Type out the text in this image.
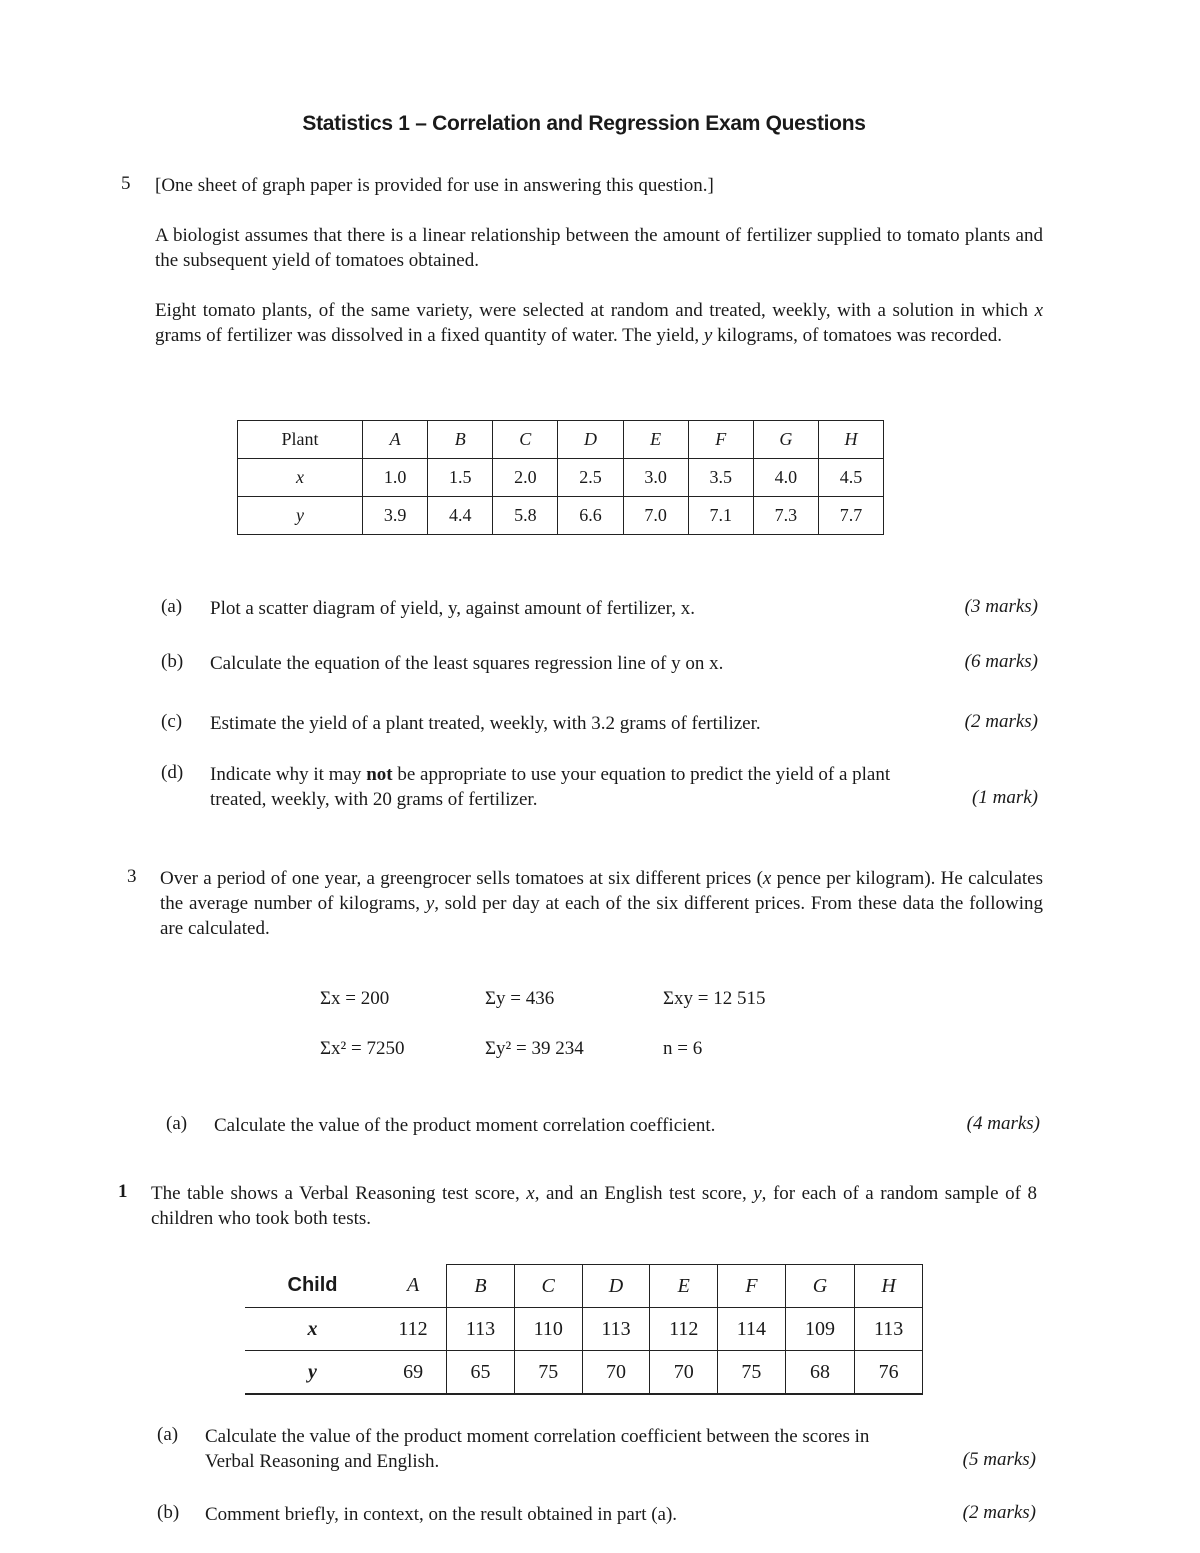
Statistics 1 – Correlation and Regression Exam Questions
5 [One sheet of graph paper is provided for use in answering this question.]
A biologist assumes that there is a linear relationship between the amount of fertilizer supplied to tomato plants and the subsequent yield of tomatoes obtained.
Eight tomato plants, of the same variety, were selected at random and treated, weekly, with a solution in which x grams of fertilizer was dissolved in a fixed quantity of water. The yield, y kilograms, of tomatoes was recorded.
Plant	A	B	C	D	E	F	G	H
x	1.0	1.5	2.0	2.5	3.0	3.5	4.0	4.5
y	3.9	4.4	5.8	6.6	7.0	7.1	7.3	7.7
(a) Plot a scatter diagram of yield, y, against amount of fertilizer, x.	(3 marks)
(b) Calculate the equation of the least squares regression line of y on x.	(6 marks)
(c) Estimate the yield of a plant treated, weekly, with 3.2 grams of fertilizer.	(2 marks)
(d) Indicate why it may not be appropriate to use your equation to predict the yield of a plant
treated, weekly, with 20 grams of fertilizer.	(1 mark)
3 Over a period of one year, a greengrocer sells tomatoes at six different prices (x pence per kilogram). He calculates the average number of kilograms, y, sold per day at each of the six different prices. From these data the following are calculated.
Σx = 200	Σy = 436	Σxy = 12 515
Σx² = 7250	Σy² = 39 234	n = 6
(a) Calculate the value of the product moment correlation coefficient.	(4 marks)
1 The table shows a Verbal Reasoning test score, x, and an English test score, y, for each of a random sample of 8 children who took both tests.
Child	A	B	C	D	E	F	G	H
x	112	113	110	113	112	114	109	113
y	69	65	75	70	70	75	68	76
(a) Calculate the value of the product moment correlation coefficient between the scores in
Verbal Reasoning and English.	(5 marks)
(b) Comment briefly, in context, on the result obtained in part (a).	(2 marks)
